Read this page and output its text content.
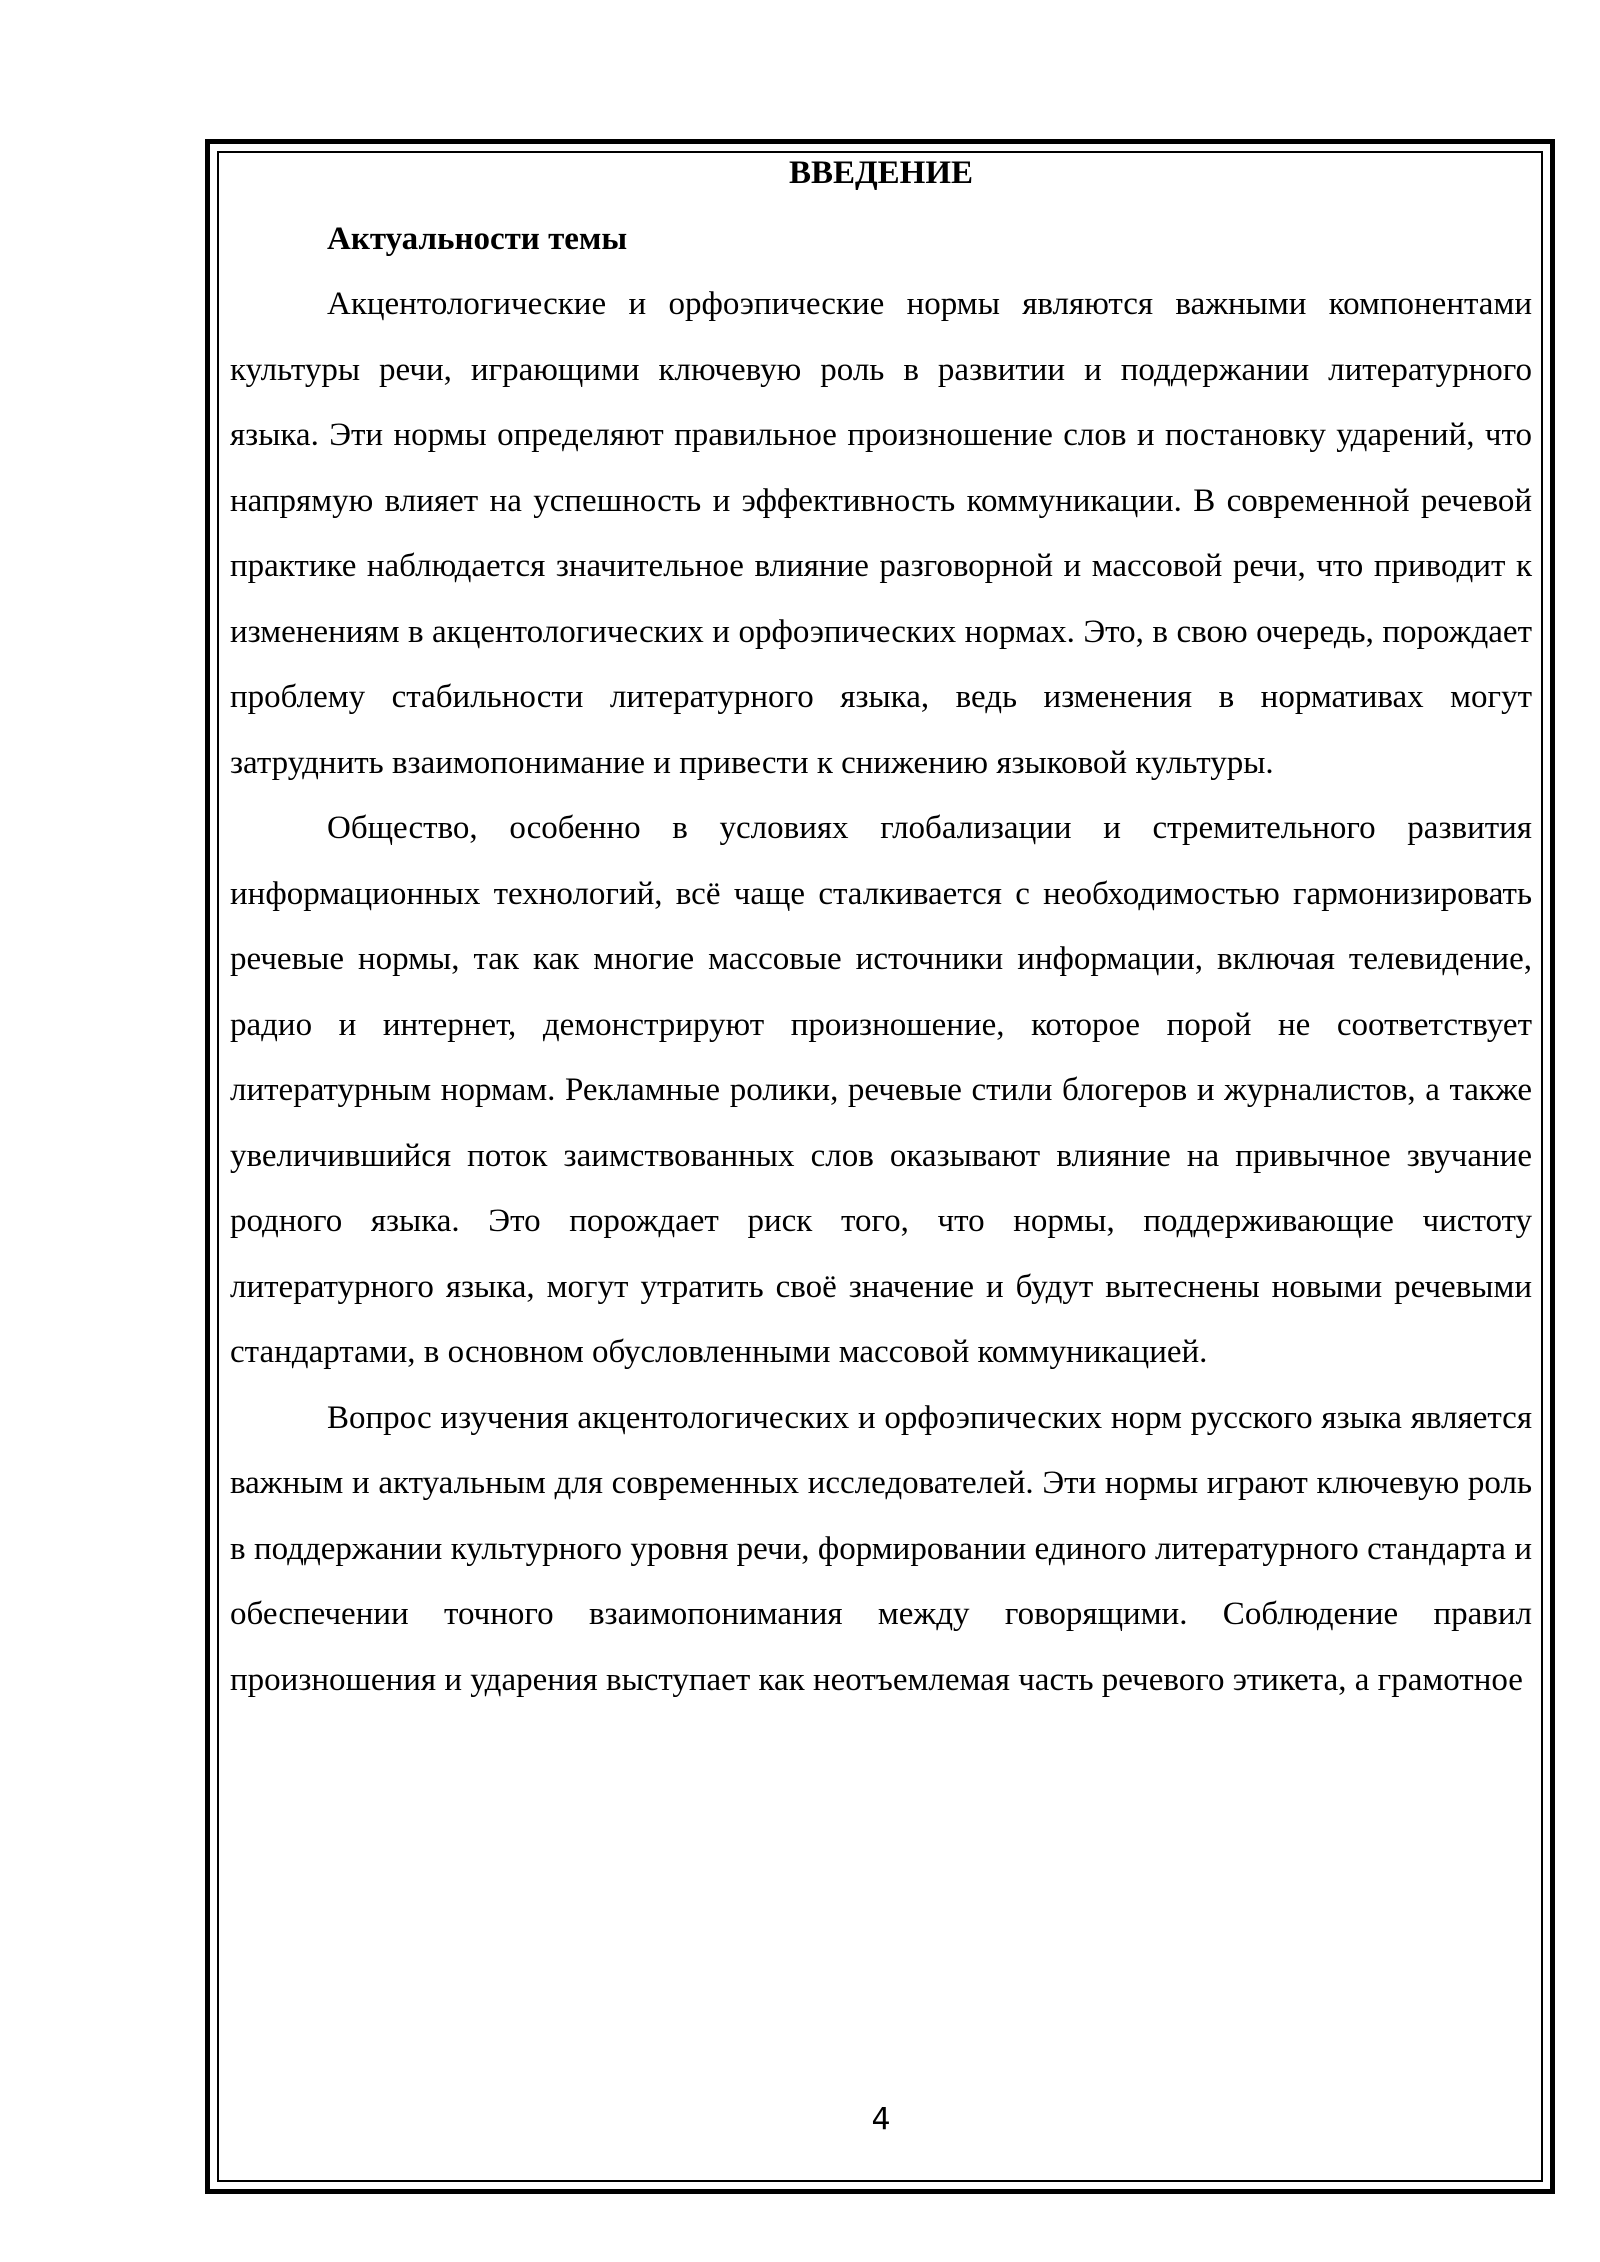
ВВЕДЕНИЕ
Актуальности темы

Акцентологические и орфоэпические нормы являются важными компонентами культуры речи, играющими ключевую роль в развитии и поддержании литературного языка. Эти нормы определяют правильное произношение слов и постановку ударений, что напрямую влияет на успешность и эффективность коммуникации. В современной речевой практике наблюдается значительное влияние разговорной и массовой речи, что приводит к изменениям в акцентологических и орфоэпических нормах. Это, в свою очередь, порождает проблему стабильности литературного языка, ведь изменения в нормативах могут затруднить взаимопонимание и привести к снижению языковой культуры.

Общество, особенно в условиях глобализации и стремительного развития информационных технологий, всё чаще сталкивается с необходимостью гармонизировать речевые нормы, так как многие массовые источники информации, включая телевидение, радио и интернет, демонстрируют произношение, которое порой не соответствует литературным нормам. Рекламные ролики, речевые стили блогеров и журналистов, а также увеличившийся поток заимствованных слов оказывают влияние на привычное звучание родного языка. Это порождает риск того, что нормы, поддерживающие чистоту литературного языка, могут утратить своё значение и будут вытеснены новыми речевыми стандартами, в основном обусловленными массовой коммуникацией.

Вопрос изучения акцентологических и орфоэпических норм русского языка является важным и актуальным для современных исследователей. Эти нормы играют ключевую роль в поддержании культурного уровня речи, формировании единого литературного стандарта и обеспечении точного взаимопонимания между говорящими. Соблюдение правил произношения и ударения выступает как неотъемлемая часть речевого этикета, а грамотное

4
